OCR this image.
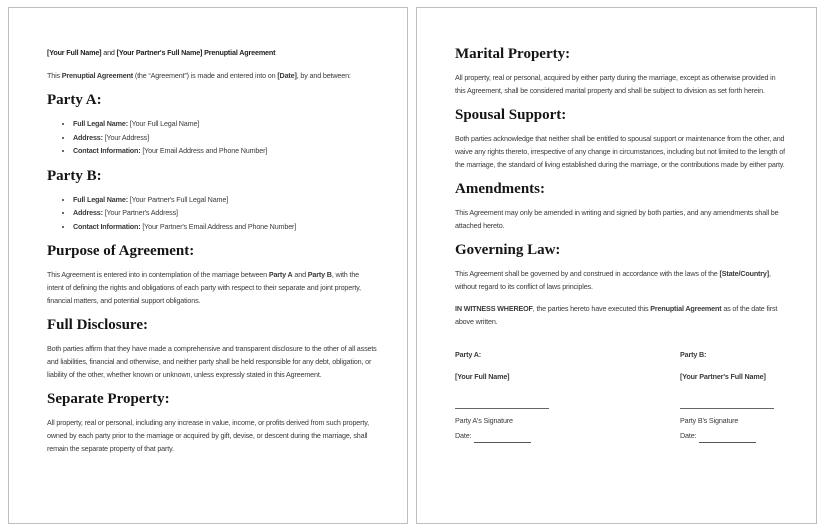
[Your Full Name] and [Your Partner's Full Name] Prenuptial Agreement

This Prenuptial Agreement (the “Agreement”) is made and entered into on [Date], by and between:

Party A:
• Full Legal Name: [Your Full Legal Name]
• Address: [Your Address]
• Contact Information: [Your Email Address and Phone Number]
Party B:
• Full Legal Name: [Your Partner's Full Legal Name]
• Address: [Your Partner's Address]
• Contact Information: [Your Partner's Email Address and Phone Number]
Purpose of Agreement:

This Agreement is entered into in contemplation of the marriage between Party A and Party B, with the intent of defining the rights and obligations of each party with respect to their separate and joint property, financial matters, and potential support obligations.

Full Disclosure:

Both parties affirm that they have made a comprehensive and transparent disclosure to the other of all assets and liabilities, financial and otherwise, and neither party shall be held responsible for any debt, obligation, or liability of the other, whether known or unknown, unless expressly stated in this Agreement.

Separate Property:

All property, real or personal, including any increase in value, income, or profits derived from such property, owned by each party prior to the marriage or acquired by gift, devise, or descent during the marriage, shall remain the separate property of that party.

Marital Property:

All property, real or personal, acquired by either party during the marriage, except as otherwise provided in this Agreement, shall be considered marital property and shall be subject to division as set forth herein.

Spousal Support:

Both parties acknowledge that neither shall be entitled to spousal support or maintenance from the other, and waive any rights thereto, irrespective of any change in circumstances, including but not limited to the length of the marriage, the standard of living established during the marriage, or the contributions made by either party.

Amendments:

This Agreement may only be amended in writing and signed by both parties, and any amendments shall be attached hereto.

Governing Law:

This Agreement shall be governed by and construed in accordance with the laws of the [State/Country], without regard to its conflict of laws principles.

IN WITNESS WHEREOF, the parties hereto have executed this Prenuptial Agreement as of the date first above written.

Party A:

[Your Full Name]

Party A's Signature

Date:

Party B:

[Your Partner's Full Name]

Party B's Signature

Date:
